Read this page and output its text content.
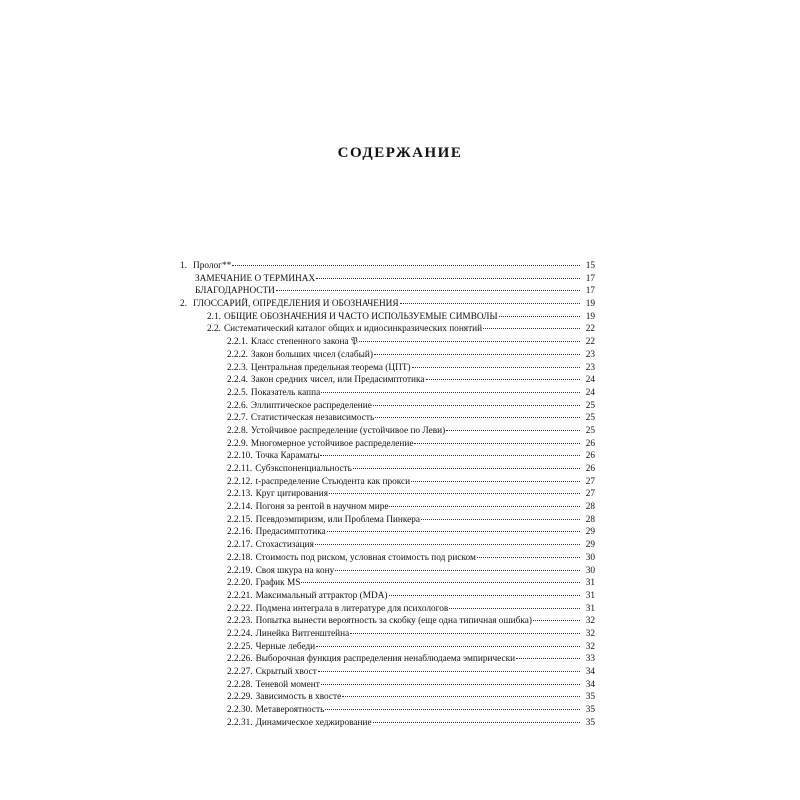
СОДЕРЖАНИЕ
1. Пролог**	15
ЗАМЕЧАНИЕ О ТЕРМИНАХ	17
БЛАГОДАРНОСТИ	17
2. ГЛОССАРИЙ, ОПРЕДЕЛЕНИЯ И ОБОЗНАЧЕНИЯ	19
2.1. ОБЩИЕ ОБОЗНАЧЕНИЯ И ЧАСТО ИСПОЛЬЗУЕМЫЕ СИМВОЛЫ	19
2.2. Систематический каталог общих и идиосинкразических понятий	22
2.2.1. Класс степенного закона 𝔓	22
2.2.2. Закон больших чисел (слабый)	23
2.2.3. Центральная предельная теорема (ЦПТ)	23
2.2.4. Закон средних чисел, или Предасимптотика	24
2.2.5. Показатель каппа	24
2.2.6. Эллиптическое распределение	25
2.2.7. Статистическая независимость	25
2.2.8. Устойчивое распределение (устойчивое по Леви)	25
2.2.9. Многомерное устойчивое распределение	26
2.2.10. Точка Караматы	26
2.2.11. Субэкспоненциальность	26
2.2.12. t-распределение Стьюдента как прокси	27
2.2.13. Круг цитирования	27
2.2.14. Погоня за рентой в научном мире	28
2.2.15. Псевдоэмпиризм, или Проблема Пинкера	28
2.2.16. Предасимптотика	29
2.2.17. Стохастизация	29
2.2.18. Стоимость под риском, условная стоимость под риском	30
2.2.19. Своя шкура на кону	30
2.2.20. График MS	31
2.2.21. Максимальный аттрактор (MDA)	31
2.2.22. Подмена интеграла в литературе для психологов	31
2.2.23. Попытка вынести вероятность за скобку (еще одна типичная ошибка)	32
2.2.24. Линейка Витгенштейна	32
2.2.25. Черные лебеди	32
2.2.26. Выборочная функция распределения ненаблюдаема эмпирически	33
2.2.27. Скрытый хвост	34
2.2.28. Теневой момент	34
2.2.29. Зависимость в хвосте	35
2.2.30. Метавероятность	35
2.2.31. Динамическое хеджирование	35
